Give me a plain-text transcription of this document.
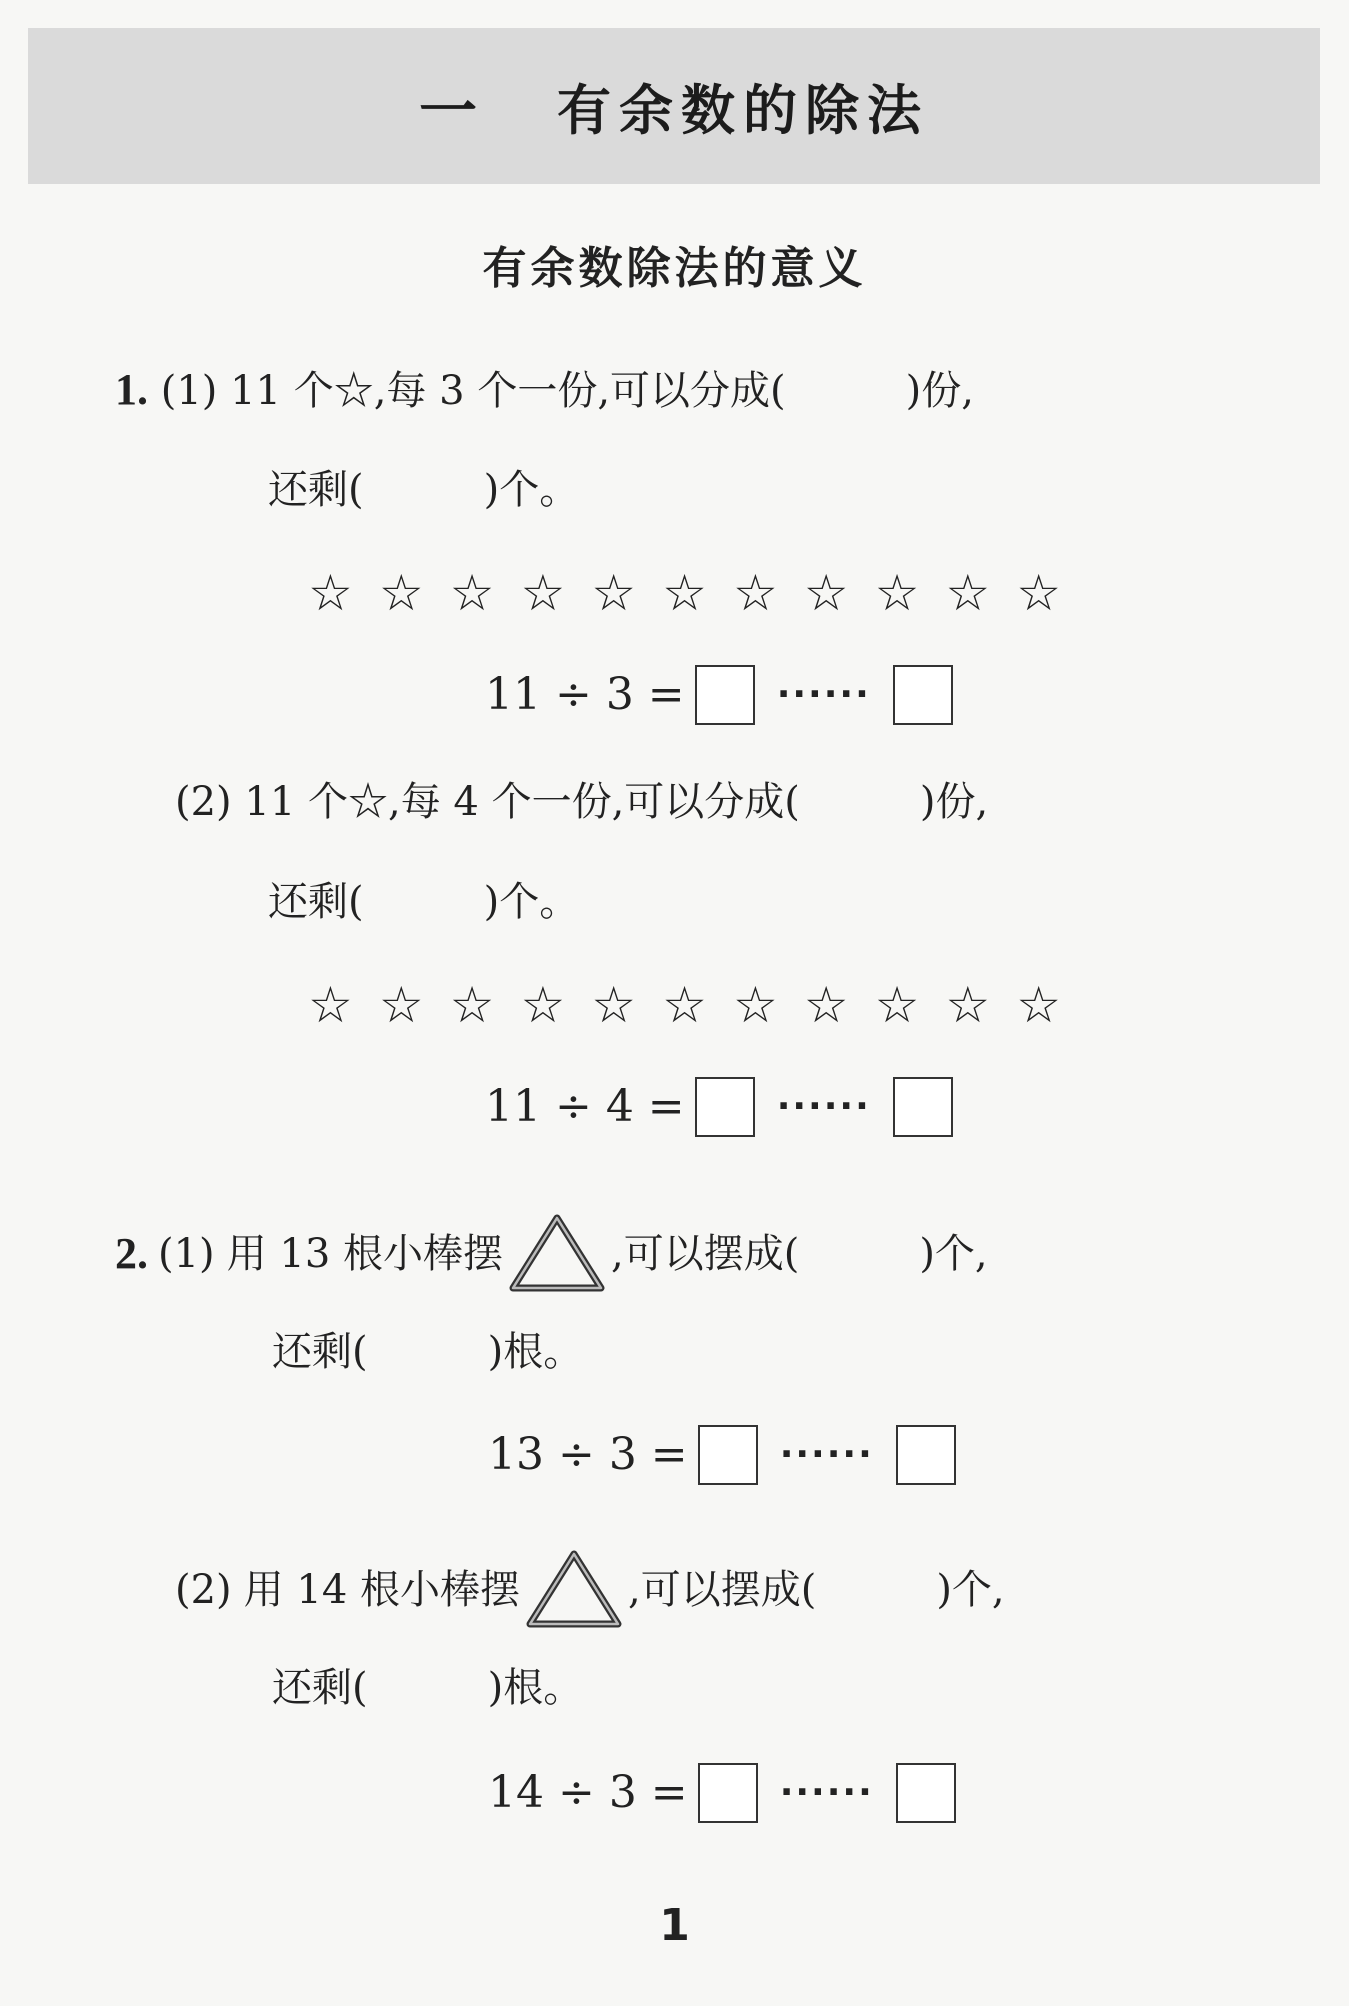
一 有余数的除法
有余数除法的意义
1. (1) 11 个☆,每 3 个一份,可以分成(	)份,
还剩(	)个。
☆☆☆☆☆☆☆☆☆☆☆
11 ÷ 3 =	······
(2) 11 个☆,每 4 个一份,可以分成(	)份,
还剩(	)个。
☆☆☆☆☆☆☆☆☆☆☆
11 ÷ 4 =	······
2. (1) 用 13 根小棒摆	,可以摆成(	)个,
还剩(	)根。
13 ÷ 3 =	······
(2) 用 14 根小棒摆	,可以摆成(	)个,
还剩(	)根。
14 ÷ 3 =	······
1
